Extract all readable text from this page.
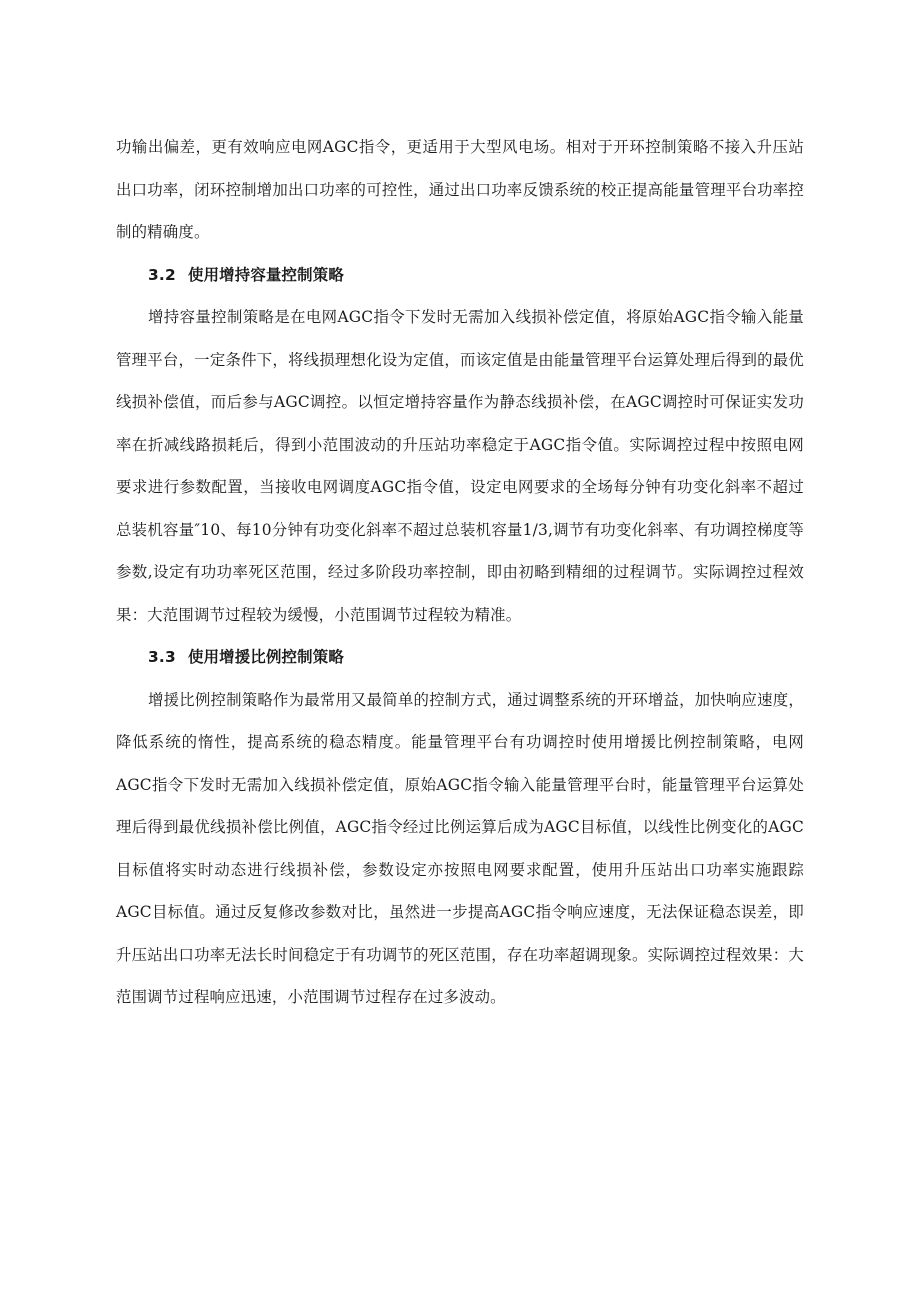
功输出偏差，更有效响应电网AGC指令，更适用于大型风电场。相对于开环控制策略不接入升压站出口功率，闭环控制增加出口功率的可控性，通过出口功率反馈系统的校正提高能量管理平台功率控制的精确度。

3.2 使用增持容量控制策略

增持容量控制策略是在电网AGC指令下发时无需加入线损补偿定值，将原始AGC指令输入能量管理平台，一定条件下，将线损理想化设为定值，而该定值是由能量管理平台运算处理后得到的最优线损补偿值，而后参与AGC调控。以恒定增持容量作为静态线损补偿，在AGC调控时可保证实发功率在折减线路损耗后，得到小范围波动的升压站功率稳定于AGC指令值。实际调控过程中按照电网要求进行参数配置，当接收电网调度AGC指令值，设定电网要求的全场每分钟有功变化斜率不超过总装机容量″10、每10分钟有功变化斜率不超过总装机容量1/3,调节有功变化斜率、有功调控梯度等参数,设定有功功率死区范围，经过多阶段功率控制，即由初略到精细的过程调节。实际调控过程效果：大范围调节过程较为缓慢，小范围调节过程较为精准。

3.3 使用增援比例控制策略

增援比例控制策略作为最常用又最简单的控制方式，通过调整系统的开环增益，加快响应速度，降低系统的惰性，提高系统的稳态精度。能量管理平台有功调控时使用增援比例控制策略，电网AGC指令下发时无需加入线损补偿定值，原始AGC指令输入能量管理平台时，能量管理平台运算处理后得到最优线损补偿比例值，AGC指令经过比例运算后成为AGC目标值，以线性比例变化的AGC目标值将实时动态进行线损补偿，参数设定亦按照电网要求配置，使用升压站出口功率实施跟踪AGC目标值。通过反复修改参数对比，虽然进一步提高AGC指令响应速度，无法保证稳态误差，即升压站出口功率无法长时间稳定于有功调节的死区范围，存在功率超调现象。实际调控过程效果：大范围调节过程响应迅速，小范围调节过程存在过多波动。
